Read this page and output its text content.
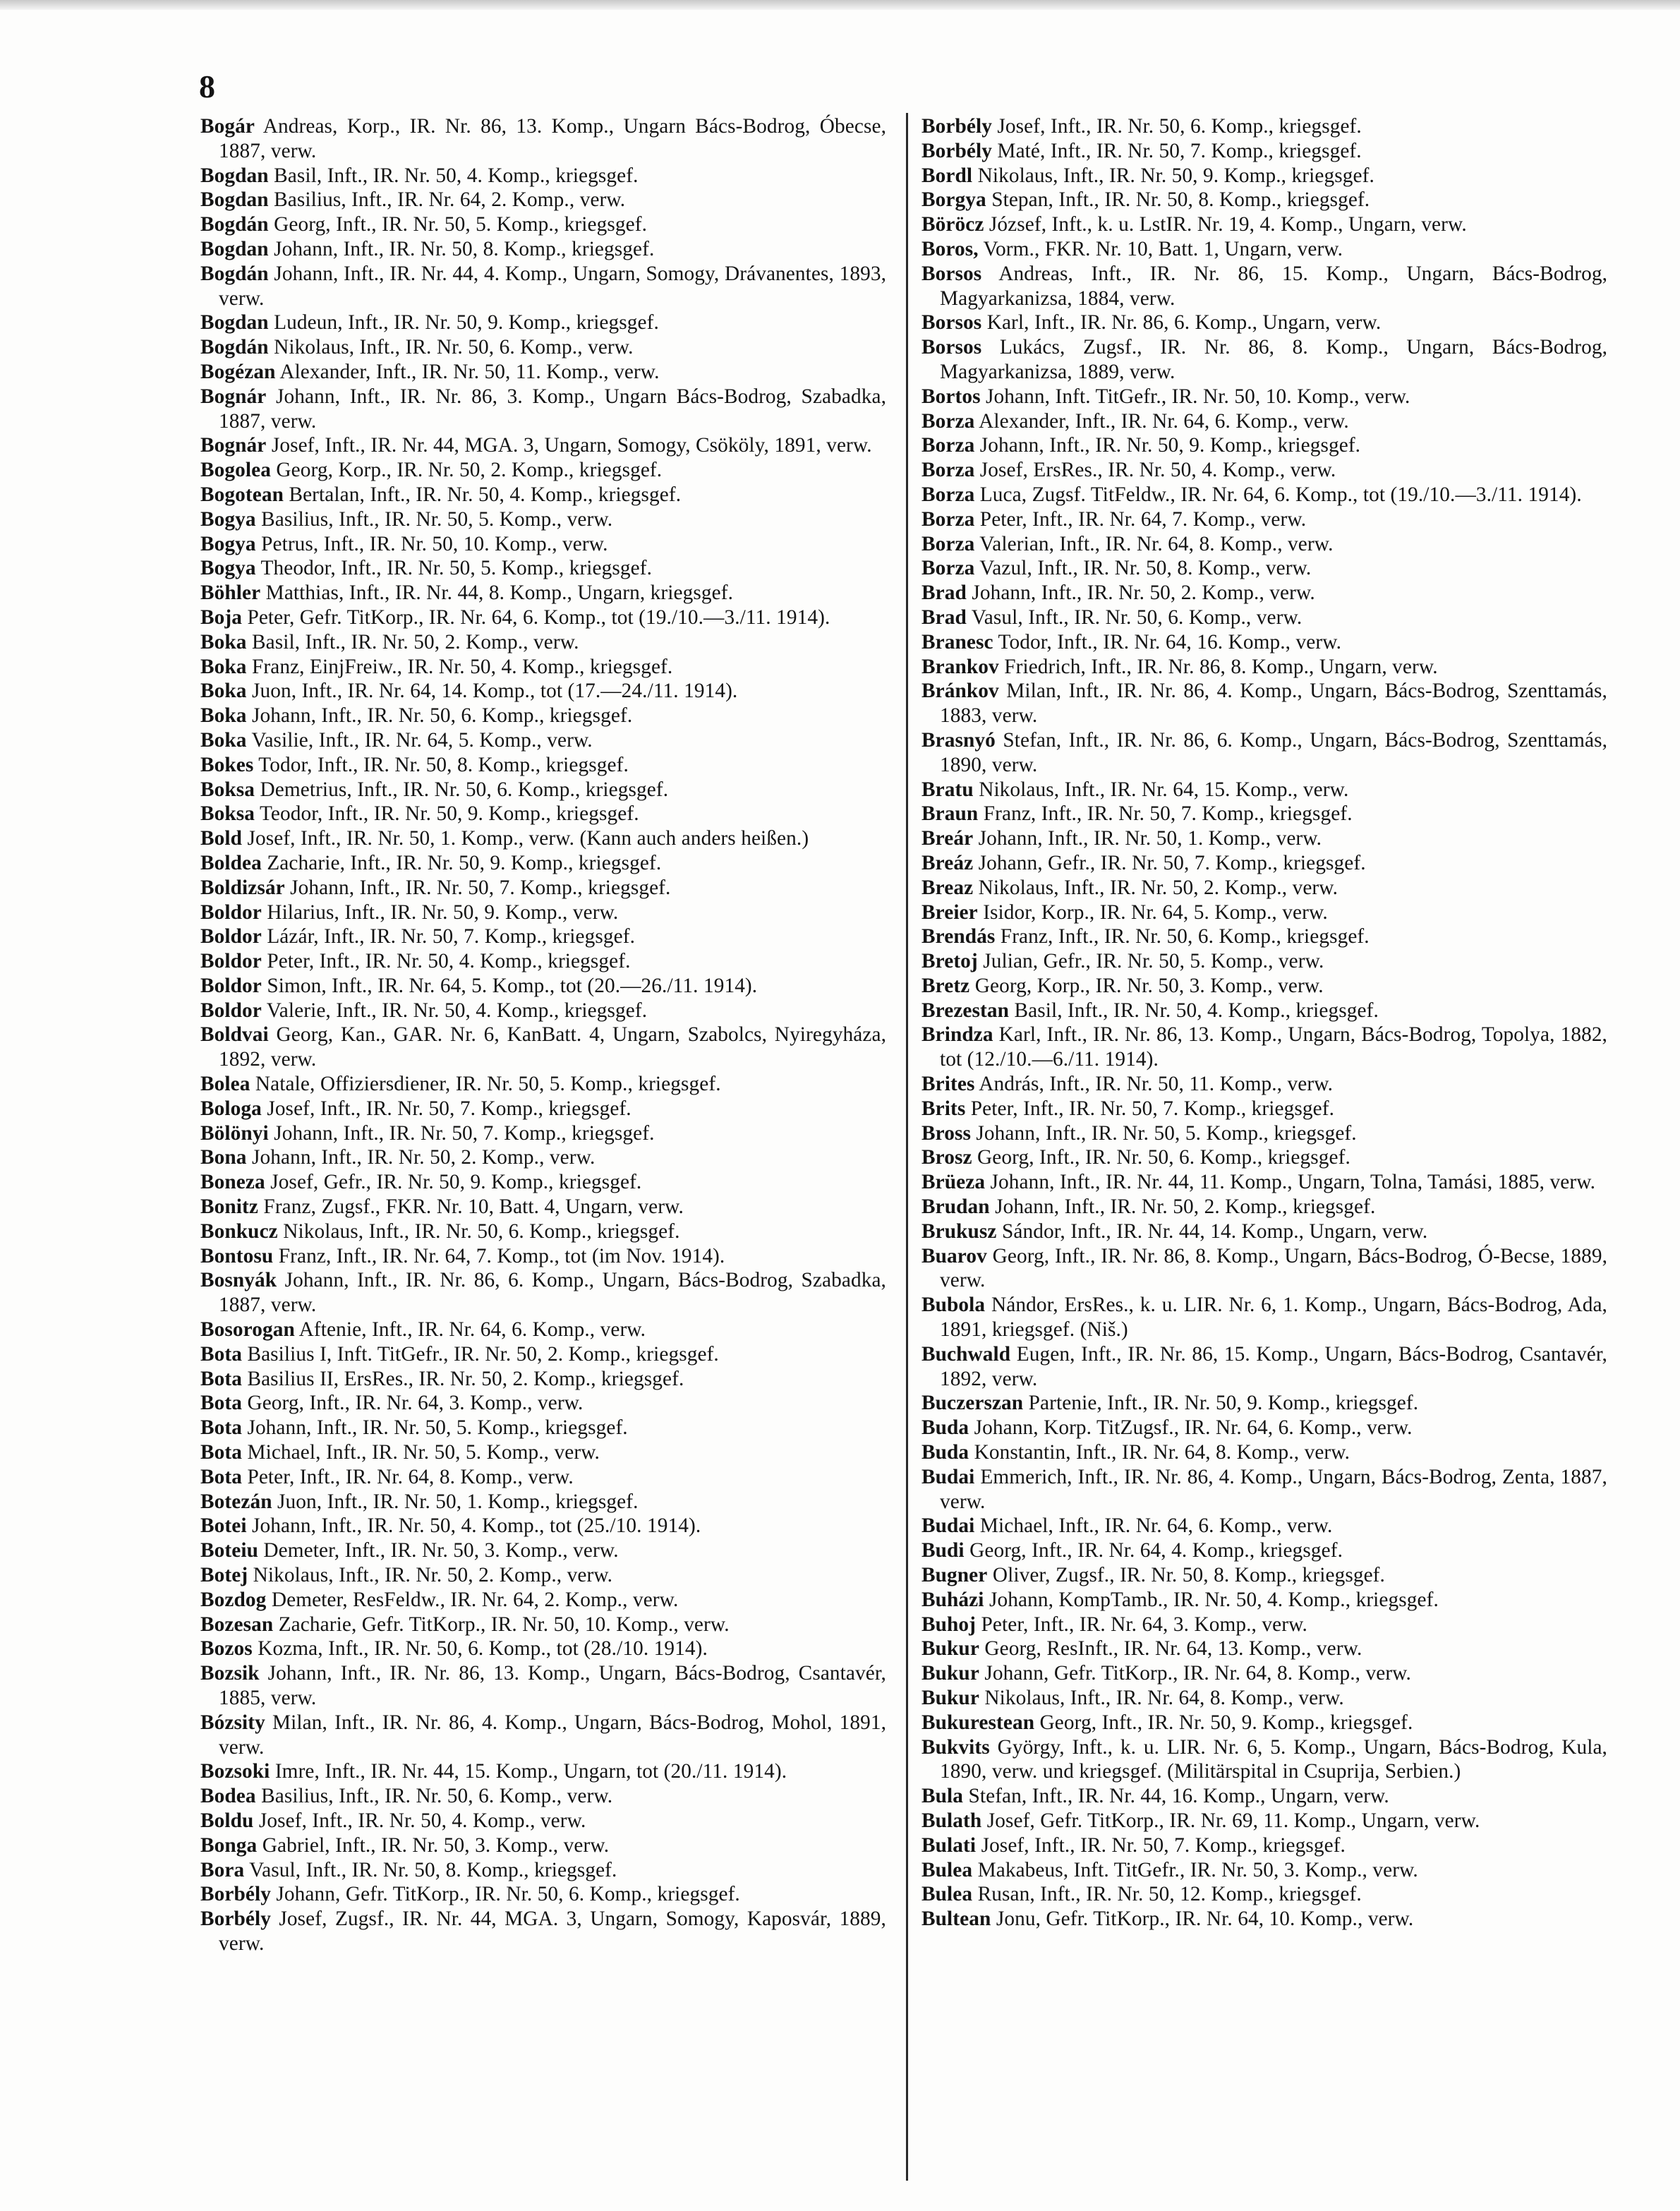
8
Bogár Andreas, Korp., IR. Nr. 86, 13. Komp., Ungarn Bács-Bodrog, Óbecse, 1887, verw.
Bogdan Basil, Inft., IR. Nr. 50, 4. Komp., kriegsgef.
Bogdan Basilius, Inft., IR. Nr. 64, 2. Komp., verw.
Bogdán Georg, Inft., IR. Nr. 50, 5. Komp., kriegsgef.
Bogdan Johann, Inft., IR. Nr. 50, 8. Komp., kriegsgef.
Bogdán Johann, Inft., IR. Nr. 44, 4. Komp., Ungarn, Somogy, Drávanentes, 1893, verw.
Bogdan Ludeun, Inft., IR. Nr. 50, 9. Komp., kriegsgef.
Bogdán Nikolaus, Inft., IR. Nr. 50, 6. Komp., verw.
Bogézan Alexander, Inft., IR. Nr. 50, 11. Komp., verw.
Bognár Johann, Inft., IR. Nr. 86, 3. Komp., Ungarn Bács-Bodrog, Szabadka, 1887, verw.
Bognár Josef, Inft., IR. Nr. 44, MGA. 3, Ungarn, Somogy, Csököly, 1891, verw.
Bogolea Georg, Korp., IR. Nr. 50, 2. Komp., kriegsgef.
Bogotean Bertalan, Inft., IR. Nr. 50, 4. Komp., kriegsgef.
Bogya Basilius, Inft., IR. Nr. 50, 5. Komp., verw.
Bogya Petrus, Inft., IR. Nr. 50, 10. Komp., verw.
Bogya Theodor, Inft., IR. Nr. 50, 5. Komp., kriegsgef.
Böhler Matthias, Inft., IR. Nr. 44, 8. Komp., Ungarn, kriegsgef.
Boja Peter, Gefr. TitKorp., IR. Nr. 64, 6. Komp., tot (19./10.—3./11. 1914).
Boka Basil, Inft., IR. Nr. 50, 2. Komp., verw.
Boka Franz, EinjFreiw., IR. Nr. 50, 4. Komp., kriegsgef.
Boka Juon, Inft., IR. Nr. 64, 14. Komp., tot (17.—24./11. 1914).
Boka Johann, Inft., IR. Nr. 50, 6. Komp., kriegsgef.
Boka Vasilie, Inft., IR. Nr. 64, 5. Komp., verw.
Bokes Todor, Inft., IR. Nr. 50, 8. Komp., kriegsgef.
Boksa Demetrius, Inft., IR. Nr. 50, 6. Komp., kriegsgef.
Boksa Teodor, Inft., IR. Nr. 50, 9. Komp., kriegsgef.
Bold Josef, Inft., IR. Nr. 50, 1. Komp., verw. (Kann auch anders heißen.)
Boldea Zacharie, Inft., IR. Nr. 50, 9. Komp., kriegsgef.
Boldizsár Johann, Inft., IR. Nr. 50, 7. Komp., kriegsgef.
Boldor Hilarius, Inft., IR. Nr. 50, 9. Komp., verw.
Boldor Lázár, Inft., IR. Nr. 50, 7. Komp., kriegsgef.
Boldor Peter, Inft., IR. Nr. 50, 4. Komp., kriegsgef.
Boldor Simon, Inft., IR. Nr. 64, 5. Komp., tot (20.—26./11. 1914).
Boldor Valerie, Inft., IR. Nr. 50, 4. Komp., kriegsgef.
Boldvai Georg, Kan., GAR. Nr. 6, KanBatt. 4, Ungarn, Szabolcs, Nyiregyháza, 1892, verw.
Bolea Natale, Offiziersdiener, IR. Nr. 50, 5. Komp., kriegsgef.
Bologa Josef, Inft., IR. Nr. 50, 7. Komp., kriegsgef.
Bölönyi Johann, Inft., IR. Nr. 50, 7. Komp., kriegsgef.
Bona Johann, Inft., IR. Nr. 50, 2. Komp., verw.
Boneza Josef, Gefr., IR. Nr. 50, 9. Komp., kriegsgef.
Bonitz Franz, Zugsf., FKR. Nr. 10, Batt. 4, Ungarn, verw.
Bonkucz Nikolaus, Inft., IR. Nr. 50, 6. Komp., kriegsgef.
Bontosu Franz, Inft., IR. Nr. 64, 7. Komp., tot (im Nov. 1914).
Bosnyák Johann, Inft., IR. Nr. 86, 6. Komp., Ungarn, Bács-Bodrog, Szabadka, 1887, verw.
Bosorogan Aftenie, Inft., IR. Nr. 64, 6. Komp., verw.
Bota Basilius I, Inft. TitGefr., IR. Nr. 50, 2. Komp., kriegsgef.
Bota Basilius II, ErsRes., IR. Nr. 50, 2. Komp., kriegsgef.
Bota Georg, Inft., IR. Nr. 64, 3. Komp., verw.
Bota Johann, Inft., IR. Nr. 50, 5. Komp., kriegsgef.
Bota Michael, Inft., IR. Nr. 50, 5. Komp., verw.
Bota Peter, Inft., IR. Nr. 64, 8. Komp., verw.
Botezán Juon, Inft., IR. Nr. 50, 1. Komp., kriegsgef.
Botei Johann, Inft., IR. Nr. 50, 4. Komp., tot (25./10. 1914).
Boteiu Demeter, Inft., IR. Nr. 50, 3. Komp., verw.
Botej Nikolaus, Inft., IR. Nr. 50, 2. Komp., verw.
Bozdog Demeter, ResFeldw., IR. Nr. 64, 2. Komp., verw.
Bozesan Zacharie, Gefr. TitKorp., IR. Nr. 50, 10. Komp., verw.
Bozos Kozma, Inft., IR. Nr. 50, 6. Komp., tot (28./10. 1914).
Bozsik Johann, Inft., IR. Nr. 86, 13. Komp., Ungarn, Bács-Bodrog, Csantavér, 1885, verw.
Bózsity Milan, Inft., IR. Nr. 86, 4. Komp., Ungarn, Bács-Bodrog, Mohol, 1891, verw.
Bozsoki Imre, Inft., IR. Nr. 44, 15. Komp., Ungarn, tot (20./11. 1914).
Bodea Basilius, Inft., IR. Nr. 50, 6. Komp., verw.
Boldu Josef, Inft., IR. Nr. 50, 4. Komp., verw.
Bonga Gabriel, Inft., IR. Nr. 50, 3. Komp., verw.
Bora Vasul, Inft., IR. Nr. 50, 8. Komp., kriegsgef.
Borbély Johann, Gefr. TitKorp., IR. Nr. 50, 6. Komp., kriegsgef.
Borbély Josef, Zugsf., IR. Nr. 44, MGA. 3, Ungarn, Somogy, Kaposvár, 1889, verw.
Borbély Josef, Inft., IR. Nr. 50, 6. Komp., kriegsgef.
Borbély Maté, Inft., IR. Nr. 50, 7. Komp., kriegsgef.
Bordl Nikolaus, Inft., IR. Nr. 50, 9. Komp., kriegsgef.
Borgya Stepan, Inft., IR. Nr. 50, 8. Komp., kriegsgef.
Böröcz József, Inft., k. u. LstIR. Nr. 19, 4. Komp., Ungarn, verw.
Boros, Vorm., FKR. Nr. 10, Batt. 1, Ungarn, verw.
Borsos Andreas, Inft., IR. Nr. 86, 15. Komp., Ungarn, Bács-Bodrog, Magyarkanizsa, 1884, verw.
Borsos Karl, Inft., IR. Nr. 86, 6. Komp., Ungarn, verw.
Borsos Lukács, Zugsf., IR. Nr. 86, 8. Komp., Ungarn, Bács-Bodrog, Magyarkanizsa, 1889, verw.
Bortos Johann, Inft. TitGefr., IR. Nr. 50, 10. Komp., verw.
Borza Alexander, Inft., IR. Nr. 64, 6. Komp., verw.
Borza Johann, Inft., IR. Nr. 50, 9. Komp., kriegsgef.
Borza Josef, ErsRes., IR. Nr. 50, 4. Komp., verw.
Borza Luca, Zugsf. TitFeldw., IR. Nr. 64, 6. Komp., tot (19./10.—3./11. 1914).
Borza Peter, Inft., IR. Nr. 64, 7. Komp., verw.
Borza Valerian, Inft., IR. Nr. 64, 8. Komp., verw.
Borza Vazul, Inft., IR. Nr. 50, 8. Komp., verw.
Brad Johann, Inft., IR. Nr. 50, 2. Komp., verw.
Brad Vasul, Inft., IR. Nr. 50, 6. Komp., verw.
Branesc Todor, Inft., IR. Nr. 64, 16. Komp., verw.
Brankov Friedrich, Inft., IR. Nr. 86, 8. Komp., Ungarn, verw.
Bránkov Milan, Inft., IR. Nr. 86, 4. Komp., Ungarn, Bács-Bodrog, Szenttamás, 1883, verw.
Brasnyó Stefan, Inft., IR. Nr. 86, 6. Komp., Ungarn, Bács-Bodrog, Szenttamás, 1890, verw.
Bratu Nikolaus, Inft., IR. Nr. 64, 15. Komp., verw.
Braun Franz, Inft., IR. Nr. 50, 7. Komp., kriegsgef.
Breár Johann, Inft., IR. Nr. 50, 1. Komp., verw.
Breáz Johann, Gefr., IR. Nr. 50, 7. Komp., kriegsgef.
Breaz Nikolaus, Inft., IR. Nr. 50, 2. Komp., verw.
Breier Isidor, Korp., IR. Nr. 64, 5. Komp., verw.
Brendás Franz, Inft., IR. Nr. 50, 6. Komp., kriegsgef.
Bretoj Julian, Gefr., IR. Nr. 50, 5. Komp., verw.
Bretz Georg, Korp., IR. Nr. 50, 3. Komp., verw.
Brezestan Basil, Inft., IR. Nr. 50, 4. Komp., kriegsgef.
Brindza Karl, Inft., IR. Nr. 86, 13. Komp., Ungarn, Bács-Bodrog, Topolya, 1882, tot (12./10.—6./11. 1914).
Brites András, Inft., IR. Nr. 50, 11. Komp., verw.
Brits Peter, Inft., IR. Nr. 50, 7. Komp., kriegsgef.
Bross Johann, Inft., IR. Nr. 50, 5. Komp., kriegsgef.
Brosz Georg, Inft., IR. Nr. 50, 6. Komp., kriegsgef.
Brüeza Johann, Inft., IR. Nr. 44, 11. Komp., Ungarn, Tolna, Tamási, 1885, verw.
Brudan Johann, Inft., IR. Nr. 50, 2. Komp., kriegsgef.
Brukusz Sándor, Inft., IR. Nr. 44, 14. Komp., Ungarn, verw.
Buarov Georg, Inft., IR. Nr. 86, 8. Komp., Ungarn, Bács-Bodrog, Ó-Becse, 1889, verw.
Bubola Nándor, ErsRes., k. u. LIR. Nr. 6, 1. Komp., Ungarn, Bács-Bodrog, Ada, 1891, kriegsgef. (Niš.)
Buchwald Eugen, Inft., IR. Nr. 86, 15. Komp., Ungarn, Bács-Bodrog, Csantavér, 1892, verw.
Buczerszan Partenie, Inft., IR. Nr. 50, 9. Komp., kriegsgef.
Buda Johann, Korp. TitZugsf., IR. Nr. 64, 6. Komp., verw.
Buda Konstantin, Inft., IR. Nr. 64, 8. Komp., verw.
Budai Emmerich, Inft., IR. Nr. 86, 4. Komp., Ungarn, Bács-Bodrog, Zenta, 1887, verw.
Budai Michael, Inft., IR. Nr. 64, 6. Komp., verw.
Budi Georg, Inft., IR. Nr. 64, 4. Komp., kriegsgef.
Bugner Oliver, Zugsf., IR. Nr. 50, 8. Komp., kriegsgef.
Buházi Johann, KompTamb., IR. Nr. 50, 4. Komp., kriegsgef.
Buhoj Peter, Inft., IR. Nr. 64, 3. Komp., verw.
Bukur Georg, ResInft., IR. Nr. 64, 13. Komp., verw.
Bukur Johann, Gefr. TitKorp., IR. Nr. 64, 8. Komp., verw.
Bukur Nikolaus, Inft., IR. Nr. 64, 8. Komp., verw.
Bukurestean Georg, Inft., IR. Nr. 50, 9. Komp., kriegsgef.
Bukvits György, Inft., k. u. LIR. Nr. 6, 5. Komp., Ungarn, Bács-Bodrog, Kula, 1890, verw. und kriegsgef. (Militärspital in Csuprija, Serbien.)
Bula Stefan, Inft., IR. Nr. 44, 16. Komp., Ungarn, verw.
Bulath Josef, Gefr. TitKorp., IR. Nr. 69, 11. Komp., Ungarn, verw.
Bulati Josef, Inft., IR. Nr. 50, 7. Komp., kriegsgef.
Bulea Makabeus, Inft. TitGefr., IR. Nr. 50, 3. Komp., verw.
Bulea Rusan, Inft., IR. Nr. 50, 12. Komp., kriegsgef.
Bultean Jonu, Gefr. TitKorp., IR. Nr. 64, 10. Komp., verw.
